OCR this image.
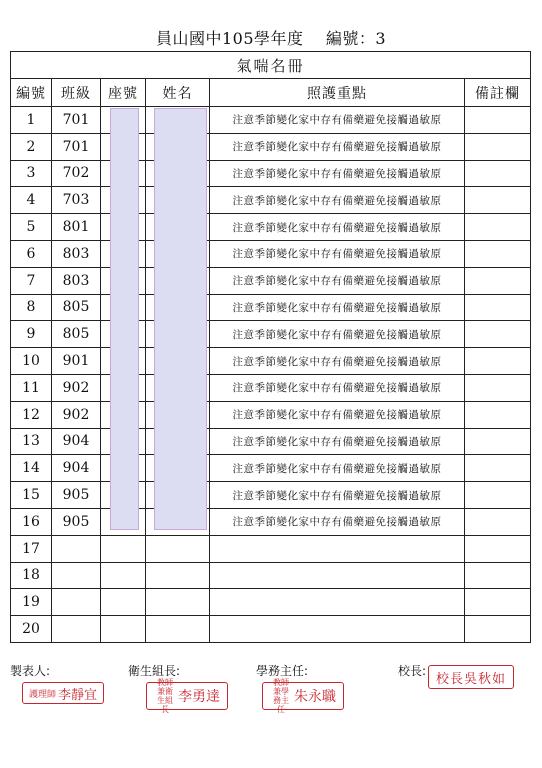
員山國中105學年度 編號：3
氣喘名冊					
編號	班級	座號	姓名	照護重點	備註欄
1	701			注意季節變化家中存有備藥避免接觸過敏原	
2	701			注意季節變化家中存有備藥避免接觸過敏原	
3	702			注意季節變化家中存有備藥避免接觸過敏原	
4	703			注意季節變化家中存有備藥避免接觸過敏原	
5	801			注意季節變化家中存有備藥避免接觸過敏原	
6	803			注意季節變化家中存有備藥避免接觸過敏原	
7	803			注意季節變化家中存有備藥避免接觸過敏原	
8	805			注意季節變化家中存有備藥避免接觸過敏原	
9	805			注意季節變化家中存有備藥避免接觸過敏原	
10	901			注意季節變化家中存有備藥避免接觸過敏原	
11	902			注意季節變化家中存有備藥避免接觸過敏原	
12	902			注意季節變化家中存有備藥避免接觸過敏原	
13	904			注意季節變化家中存有備藥避免接觸過敏原	
14	904			注意季節變化家中存有備藥避免接觸過敏原	
15	905			注意季節變化家中存有備藥避免接觸過敏原	
16	905			注意季節變化家中存有備藥避免接觸過敏原	
17					
18					
19					
20					
製表人:
護理師 李靜宜
衛生組長:
教師兼衛生組長
李勇達
學務主任:
教師兼學務主任
朱永職
校長:
校長吳秋如
